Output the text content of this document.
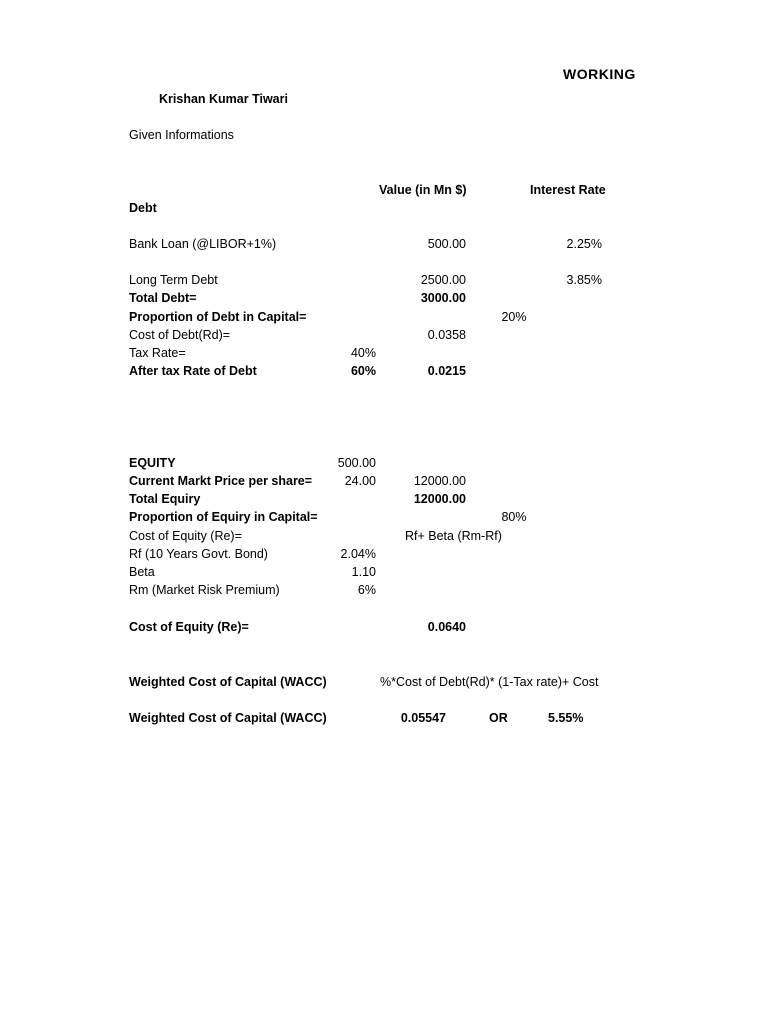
WORKING
Krishan Kumar Tiwari
Given Informations
Value (in Mn $)	Interest Rate
Debt
Bank Loan (@LIBOR+1%)	500.00	2.25%
Long Term Debt	2500.00	3.85%
Total Debt=	3000.00
Proportion of Debt in Capital=	20%
Cost of Debt(Rd)=	0.0358
Tax Rate=	40%
After tax Rate of Debt	60%	0.0215
EQUITY	500.00
Current Markt Price per share=	24.00	12000.00
Total Equiry	12000.00
Proportion of Equiry in Capital=	80%
Cost of Equity (Re)=	Rf+ Beta (Rm-Rf)
Rf (10 Years Govt. Bond)	2.04%
Beta	1.10
Rm (Market Risk Premium)	6%
Cost of Equity (Re)=	0.0640
Weighted Cost of Capital (WACC)	%*Cost of Debt(Rd)* (1-Tax rate)+ Cost
Weighted Cost of Capital (WACC)	0.05547	OR	5.55%
